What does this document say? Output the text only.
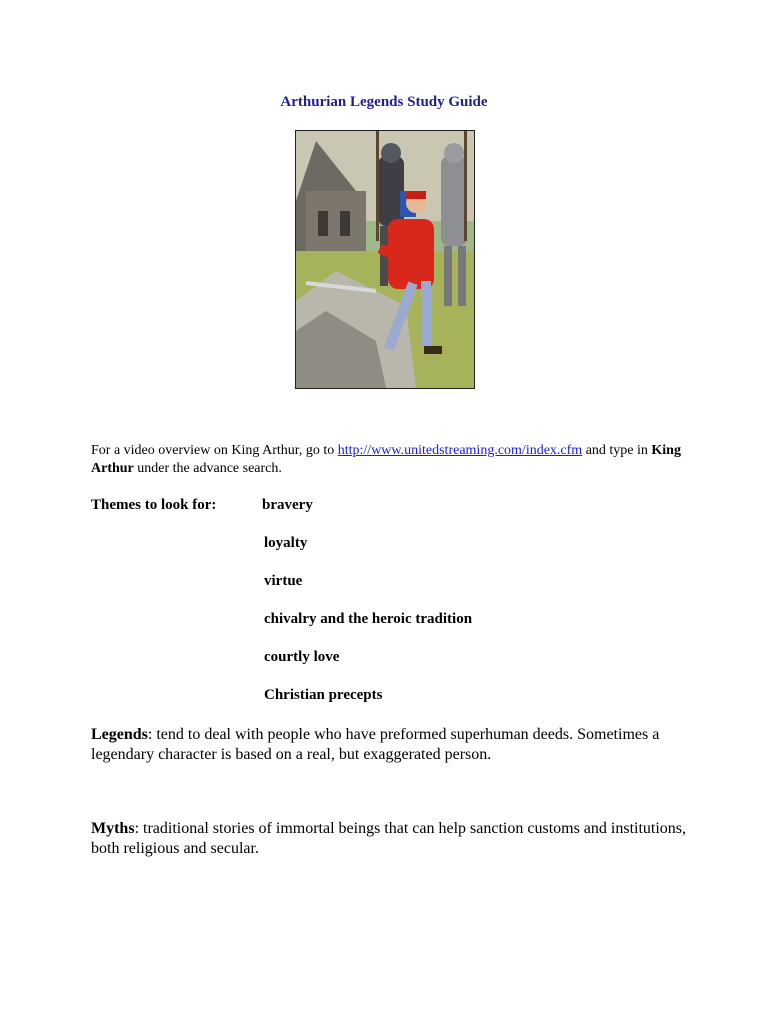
Arthurian Legends Study Guide
For a video overview on King Arthur, go to http://www.unitedstreaming.com/index.cfm and type in King Arthur under the advance search.
Themes to look for:	bravery
loyalty
virtue
chivalry and the heroic tradition
courtly love
Christian precepts
Legends: tend to deal with people who have preformed superhuman deeds. Sometimes a legendary character is based on a real, but exaggerated person.
Myths: traditional stories of immortal beings that can help sanction customs and institutions, both religious and secular.
